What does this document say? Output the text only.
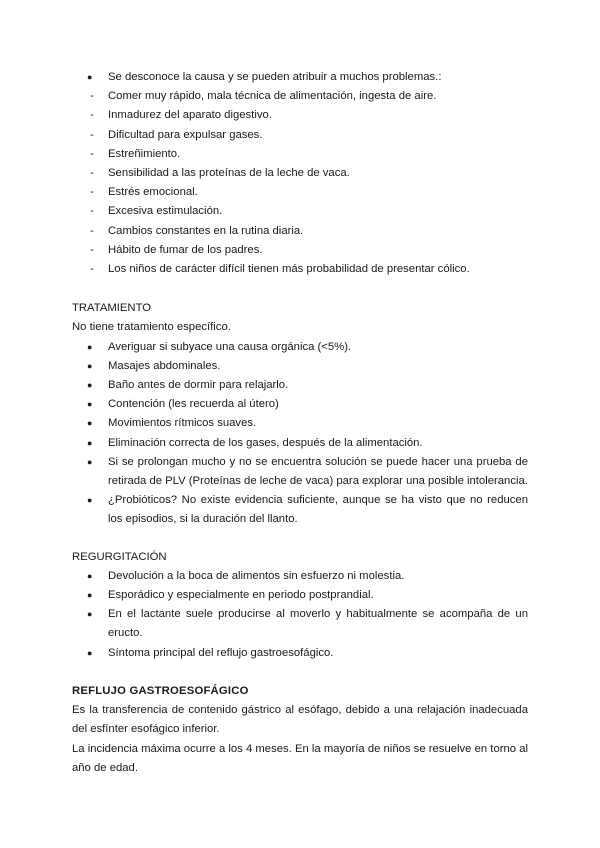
● Se desconoce la causa y se pueden atribuir a muchos problemas.:
- Comer muy rápido, mala técnica de alimentación, ingesta de aire.
- Inmadurez del aparato digestivo.
- Dificultad para expulsar gases.
- Estreñimiento.
- Sensibilidad a las proteínas de la leche de vaca.
- Estrés emocional.
- Excesiva estimulación.
- Cambios constantes en la rutina diaria.
- Hábito de fumar de los padres.
- Los niños de carácter difícil tienen más probabilidad de presentar cólico.
TRATAMIENTO
No tiene tratamiento específico.
● Averiguar si subyace una causa orgánica (<5%).
● Masajes abdominales.
● Baño antes de dormir para relajarlo.
● Contención (les recuerda al útero)
● Movimientos rítmicos suaves.
● Eliminación correcta de los gases, después de la alimentación.
● Si se prolongan mucho y no se encuentra solución se puede hacer una prueba de retirada de PLV (Proteínas de leche de vaca) para explorar una posible intolerancia.
● ¿Probióticos? No existe evidencia suficiente, aunque se ha visto que no reducen los episodios, si la duración del llanto.
REGURGITACIÓN
● Devolución a la boca de alimentos sin esfuerzo ni molestia.
● Esporádico y especialmente en periodo postprandial.
● En el lactante suele producirse al moverlo y habitualmente se acompaña de un eructo.
● Síntoma principal del reflujo gastroesofágico.
REFLUJO GASTROESOFÁGICO
Es la transferencia de contenido gástrico al esófago, debido a una relajación inadecuada del esfínter esofágico inferior.
La incidencia máxima ocurre a los 4 meses. En la mayoría de niños se resuelve en torno al año de edad.
